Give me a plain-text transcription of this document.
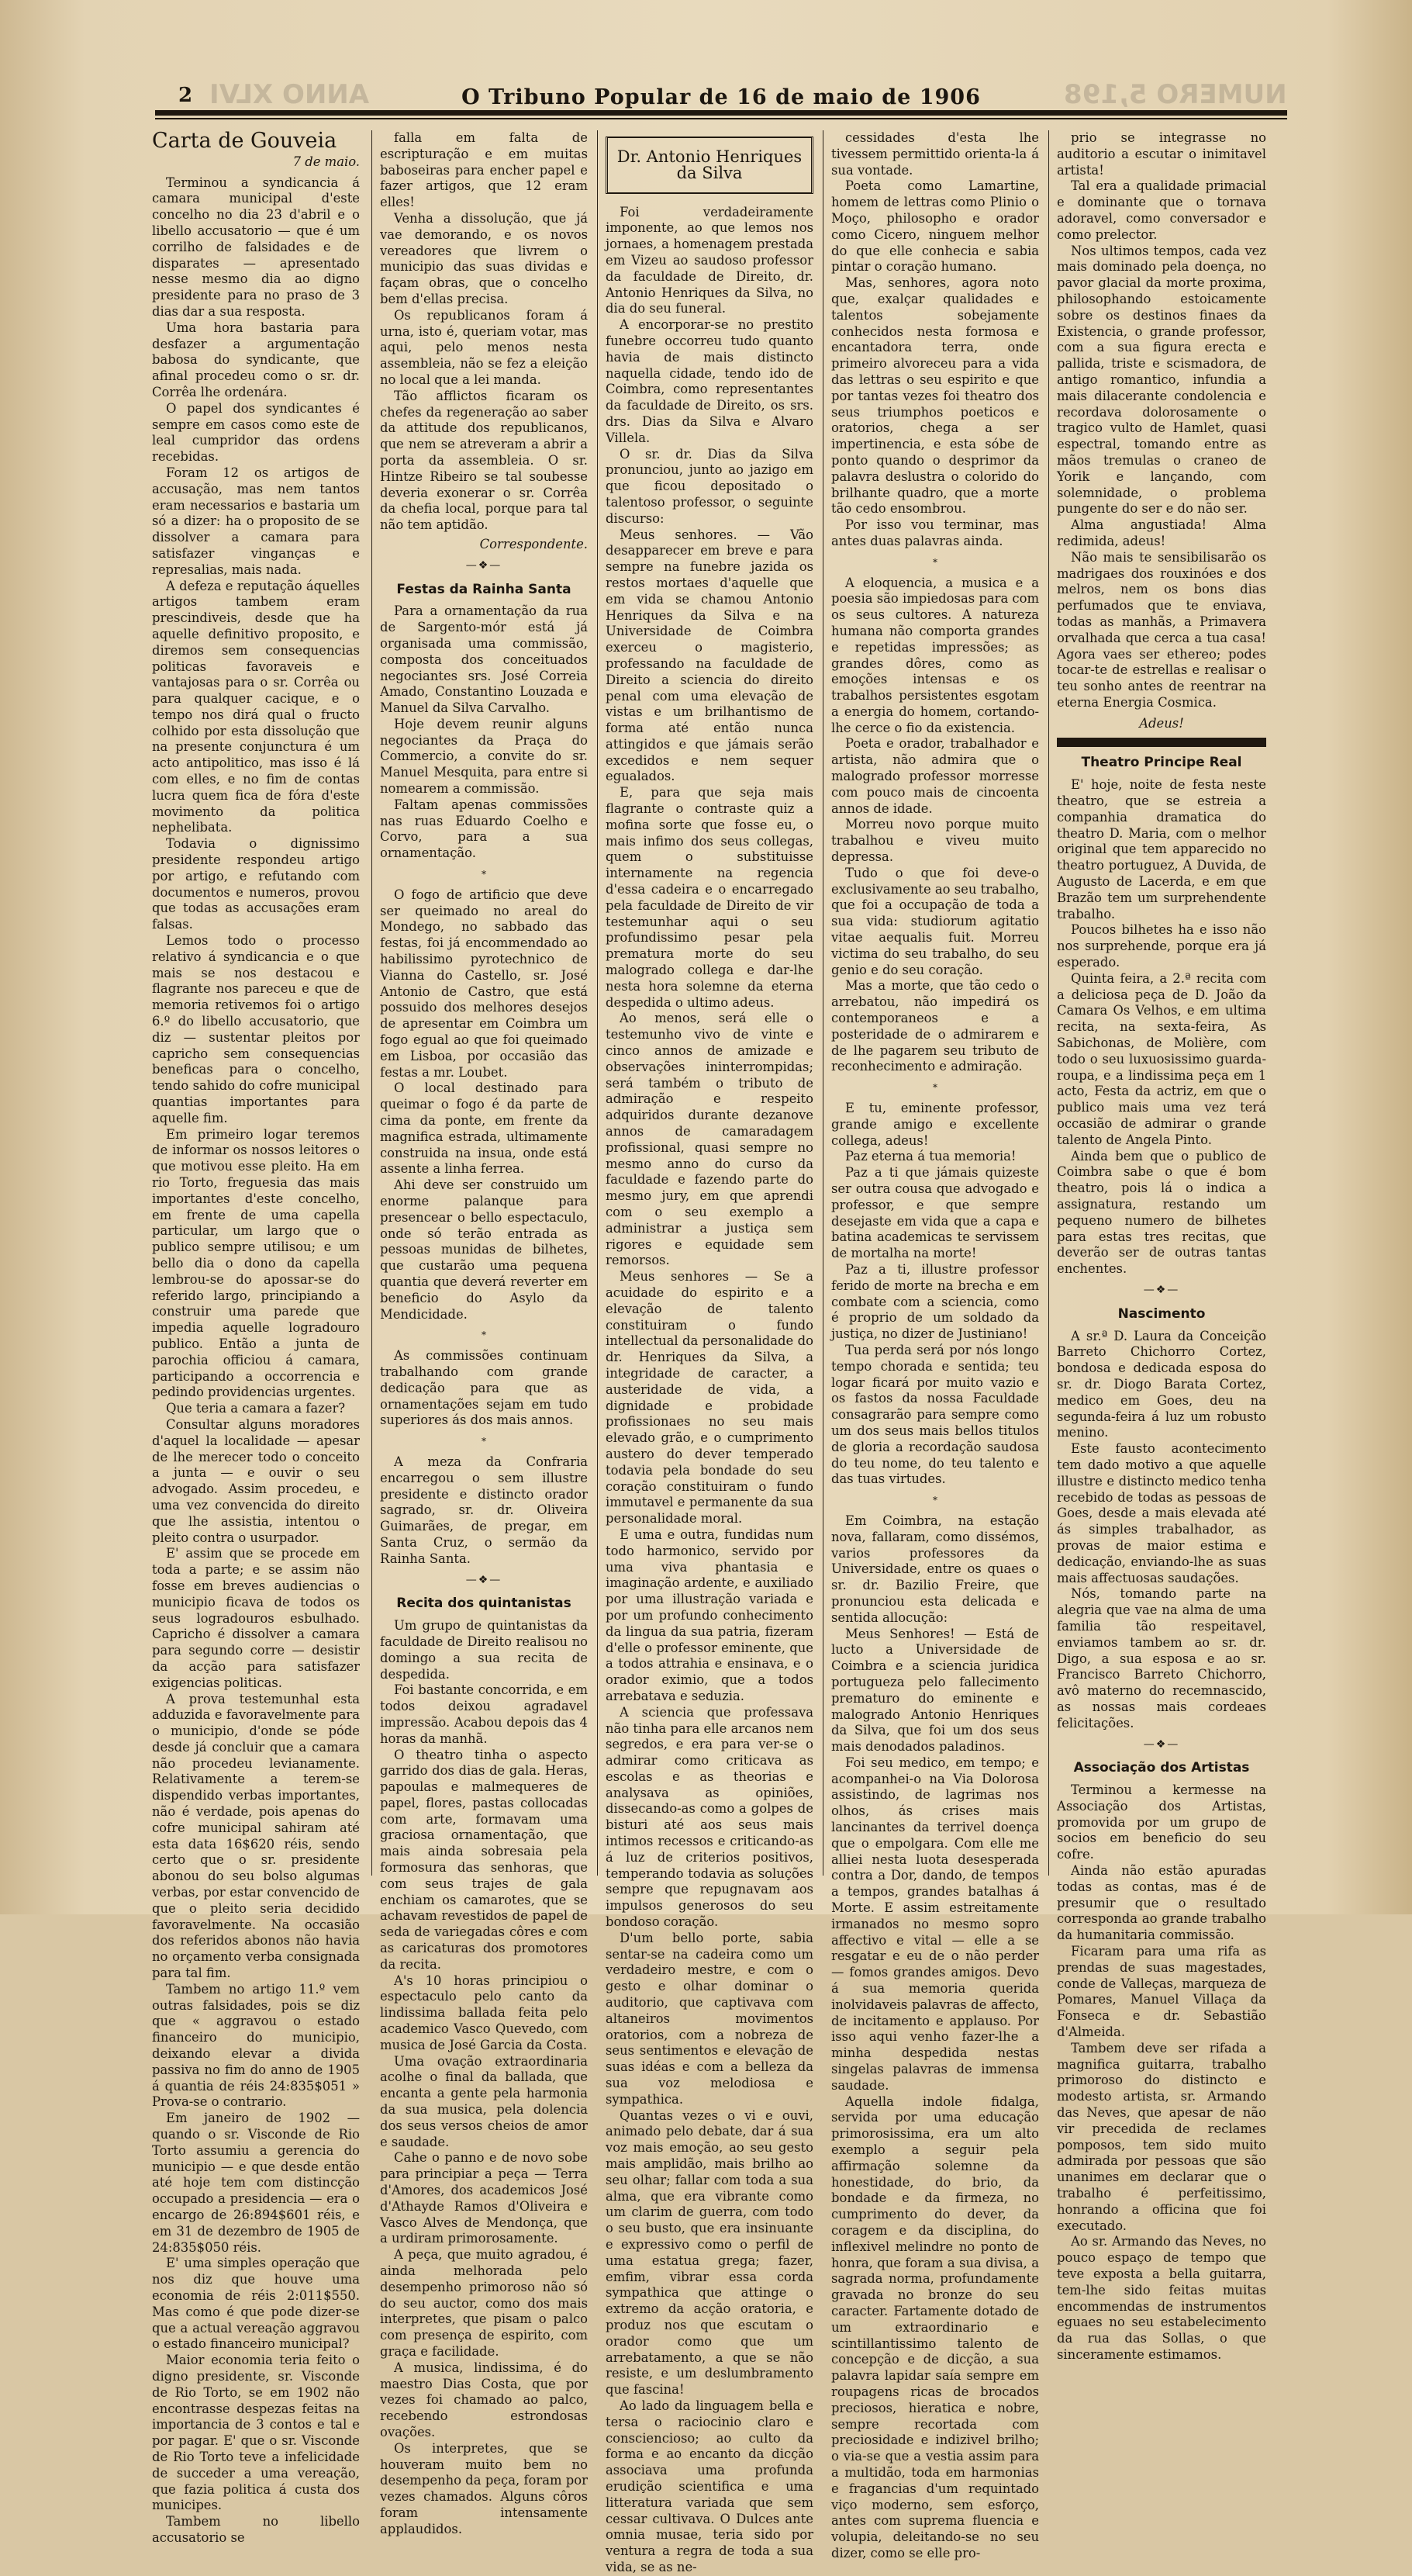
ANNO XLVI
2	O Tribuno Popular de 16 de maio de 1906	NUMERO 5,198
Carta de Gouveia
7 de maio.

Terminou a syndicancia á camara municipal d'este concelho no dia 23 d'abril e o libello accusatorio — que é um corrilho de falsidades e de disparates — apresentado nesse mesmo dia ao digno presidente para no praso de 3 dias dar a sua resposta.

Uma hora bastaria para desfazer a argumentação babosa do syndicante, que afinal procedeu como o sr. dr. Corrêa lhe ordenára.

O papel dos syndicantes é sempre em casos como este de leal cumpridor das ordens recebidas.

Foram 12 os artigos de accusação, mas nem tantos eram necessarios e bastaria um só a dizer: ha o proposito de se dissolver a camara para satisfazer vinganças e represalias, mais nada.

A defeza e reputação áquelles artigos tambem eram prescindiveis, desde que ha aquelle definitivo proposito, e diremos sem consequencias politicas favoraveis e vantajosas para o sr. Corrêa ou para qualquer cacique, e o tempo nos dirá qual o fructo colhido por esta dissolução que na presente conjunctura é um acto antipolitico, mas isso é lá com elles, e no fim de contas lucra quem fica de fóra d'este movimento da politica nephelibata.

Todavia o dignissimo presidente respondeu artigo por artigo, e refutando com documentos e numeros, provou que todas as accusações eram falsas.

Lemos todo o processo relativo á syndicancia e o que mais se nos destacou e flagrante nos pareceu e que de memoria retivemos foi o artigo 6.º do libello accusatorio, que diz — sustentar pleitos por capricho sem consequencias beneficas para o concelho, tendo sahido do cofre municipal quantias importantes para aquelle fim.

Em primeiro logar teremos de informar os nossos leitores o que motivou esse pleito. Ha em rio Torto, freguesia das mais importantes d'este concelho, em frente de uma capella particular, um largo que o publico sempre utilisou; e um bello dia o dono da capella lembrou-se do apossar-se do referido largo, principiando a construir uma parede que impedia aquelle logradouro publico. Então a junta de parochia officiou á camara, participando a occorrencia e pedindo providencias urgentes.

Que teria a camara a fazer?

Consultar alguns moradores d'aquel la localidade — apesar de lhe merecer todo o conceito a junta — e ouvir o seu advogado. Assim procedeu, e uma vez convencida do direito que lhe assistia, intentou o pleito contra o usurpador.

E' assim que se procede em toda a parte; e se assim não fosse em breves audiencias o municipio ficava de todos os seus logradouros esbulhado. Capricho é dissolver a camara para segundo corre — desistir da acção para satisfazer exigencias politicas.

A prova testemunhal esta adduzida e favoravelmente para o municipio, d'onde se póde desde já concluir que a camara não procedeu levianamente. Relativamente a terem-se dispendido verbas importantes, não é verdade, pois apenas do cofre municipal sahiram até esta data 16$620 réis, sendo certo que o sr. presidente abonou do seu bolso algumas verbas, por estar convencido de que o pleito seria decidido favoravelmente. Na occasião dos referidos abonos não havia no orçamento verba consignada para tal fim.

Tambem no artigo 11.º vem outras falsidades, pois se diz que « aggravou o estado financeiro do municipio, deixando elevar a divida passiva no fim do anno de 1905 á quantia de réis 24:835$051 » Prova-se o contrario.

Em janeiro de 1902 — quando o sr. Visconde de Rio Torto assumiu a gerencia do municipio — e que desde então até hoje tem com distincção occupado a presidencia — era o encargo de 26:894$601 réis, e em 31 de dezembro de 1905 de 24:835$050 réis.

E' uma simples operação que nos diz que houve uma economia de réis 2:011$550. Mas como é que pode dizer-se que a actual vereação aggravou o estado financeiro municipal?

Maior economia teria feito o digno presidente, sr. Visconde de Rio Torto, se em 1902 não encontrasse despezas feitas na importancia de 3 contos e tal e por pagar. E' que o sr. Visconde de Rio Torto teve a infelicidade de succeder a uma vereação, que fazia politica á custa dos municipes.

Tambem no libello accusatorio se

falla em falta de escripturação e em muitas baboseiras para encher papel e fazer artigos, que 12 eram elles!

Venha a dissolução, que já vae demorando, e os novos vereadores que livrem o municipio das suas dividas e façam obras, que o concelho bem d'ellas precisa.

Os republicanos foram á urna, isto é, queriam votar, mas aqui, pelo menos nesta assembleia, não se fez a eleição no local que a lei manda.

Tão afflictos ficaram os chefes da regeneração ao saber da attitude dos republicanos, que nem se atreveram a abrir a porta da assembleia. O sr. Hintze Ribeiro se tal soubesse deveria exonerar o sr. Corrêa da chefia local, porque para tal não tem aptidão.

Correspondente.
—❖—
Festas da Rainha Santa

Para a ornamentação da rua de Sargento-mór está já organisada uma commissão, composta dos conceituados negociantes srs. José Correia Amado, Constantino Louzada e Manuel da Silva Carvalho.

Hoje devem reunir alguns negociantes da Praça do Commercio, a convite do sr. Manuel Mesquita, para entre si nomearem a commissão.

Faltam apenas commissões nas ruas Eduardo Coelho e Corvo, para a sua ornamentação.

*

O fogo de artificio que deve ser queimado no areal do Mondego, no sabbado das festas, foi já encommendado ao habilissimo pyrotechnico de Vianna do Castello, sr. José Antonio de Castro, que está possuido dos melhores desejos de apresentar em Coimbra um fogo egual ao que foi queimado em Lisboa, por occasião das festas a mr. Loubet.

O local destinado para queimar o fogo é da parte de cima da ponte, em frente da magnifica estrada, ultimamente construida na insua, onde está assente a linha ferrea.

Ahi deve ser construido um enorme palanque para presencear o bello espectaculo, onde só terão entrada as pessoas munidas de bilhetes, que custarão uma pequena quantia que deverá reverter em beneficio do Asylo da Mendicidade.

*

As commissões continuam trabalhando com grande dedicação para que as ornamentações sejam em tudo superiores ás dos mais annos.

*

A meza da Confraria encarregou o sem illustre presidente e distincto orador sagrado, sr. dr. Oliveira Guimarães, de pregar, em Santa Cruz, o sermão da Rainha Santa.

—❖—
Recita dos quintanistas

Um grupo de quintanistas da faculdade de Direito realisou no domingo a sua recita de despedida.

Foi bastante concorrida, e em todos deixou agradavel impressão. Acabou depois das 4 horas da manhã.

O theatro tinha o aspecto garrido dos dias de gala. Heras, papoulas e malmequeres de papel, flores, pastas collocadas com arte, formavam uma graciosa ornamentação, que mais ainda sobresaia pela formosura das senhoras, que com seus trajes de gala enchiam os camarotes, que se achavam revestidos de papel de seda de variegadas côres e com as caricaturas dos promotores da recita.

A's 10 horas principiou o espectaculo pelo canto da lindissima ballada feita pelo academico Vasco Quevedo, com musica de José Garcia da Costa.

Uma ovação extraordinaria acolhe o final da ballada, que encanta a gente pela harmonia da sua musica, pela dolencia dos seus versos cheios de amor e saudade.

Cahe o panno e de novo sobe para principiar a peça — Terra d'Amores, dos academicos José d'Athayde Ramos d'Oliveira e Vasco Alves de Mendonça, que a urdiram primorosamente.

A peça, que muito agradou, é ainda melhorada pelo desempenho primoroso não só do seu auctor, como dos mais interpretes, que pisam o palco com presença de espirito, com graça e facilidade.

A musica, lindissima, é do maestro Dias Costa, que por vezes foi chamado ao palco, recebendo estrondosas ovações.

Os interpretes, que se houveram muito bem no desempenho da peça, foram por vezes chamados. Alguns côros foram intensamente applaudidos.

Dr. Antonio Henriques da Silva

Foi verdadeiramente imponente, ao que lemos nos jornaes, a homenagem prestada em Vizeu ao saudoso professor da faculdade de Direito, dr. Antonio Henriques da Silva, no dia do seu funeral.

A encorporar-se no prestito funebre occorreu tudo quanto havia de mais distincto naquella cidade, tendo ido de Coimbra, como representantes da faculdade de Direito, os srs. drs. Dias da Silva e Alvaro Villela.

O sr. dr. Dias da Silva pronunciou, junto ao jazigo em que ficou depositado o talentoso professor, o seguinte discurso:

Meus senhores. — Vão desapparecer em breve e para sempre na funebre jazida os restos mortaes d'aquelle que em vida se chamou Antonio Henriques da Silva e na Universidade de Coimbra exerceu o magisterio, professando na faculdade de Direito a sciencia do direito penal com uma elevação de vistas e um brilhantismo de forma até então nunca attingidos e que jámais serão excedidos e nem sequer egualados.

E, para que seja mais flagrante o contraste quiz a mofina sorte que fosse eu, o mais infimo dos seus collegas, quem o substituisse internamente na regencia d'essa cadeira e o encarregado pela faculdade de Direito de vir testemunhar aqui o seu profundissimo pesar pela prematura morte do seu malogrado collega e dar-lhe nesta hora solemne da eterna despedida o ultimo adeus.

Ao menos, será elle o testemunho vivo de vinte e cinco annos de amizade e observações ininterrompidas; será também o tributo de admiração e respeito adquiridos durante dezanove annos de camaradagem profissional, quasi sempre no mesmo anno do curso da faculdade e fazendo parte do mesmo jury, em que aprendi com o seu exemplo a administrar a justiça sem rigores e equidade sem remorsos.

Meus senhores — Se a acuidade do espirito e a elevação de talento constituiram o fundo intellectual da personalidade do dr. Henriques da Silva, a integridade de caracter, a austeridade de vida, a dignidade e probidade profissionaes no seu mais elevado grão, e o cumprimento austero do dever temperado todavia pela bondade do seu coração constituiram o fundo immutavel e permanente da sua personalidade moral.

E uma e outra, fundidas num todo harmonico, servido por uma viva phantasia e imaginação ardente, e auxiliado por uma illustração variada e por um profundo conhecimento da lingua da sua patria, fizeram d'elle o professor eminente, que a todos attrahia e ensinava, e o orador eximio, que a todos arrebatava e seduzia.

A sciencia que professava não tinha para elle arcanos nem segredos, e era para ver-se o admirar como criticava as escolas e as theorias e analysava as opiniões, dissecando-as como a golpes de bisturi até aos seus mais intimos recessos e criticando-as á luz de criterios positivos, temperando todavia as soluções sempre que repugnavam aos impulsos generosos do seu bondoso coração.

D'um bello porte, sabia sentar-se na cadeira como um verdadeiro mestre, e com o gesto e olhar dominar o auditorio, que captivava com altaneiros movimentos oratorios, com a nobreza de seus sentimentos e elevação de suas idéas e com a belleza da sua voz melodiosa e sympathica.

Quantas vezes o vi e ouvi, animado pelo debate, dar á sua voz mais emoção, ao seu gesto mais amplidão, mais brilho ao seu olhar; fallar com toda a sua alma, que era vibrante como um clarim de guerra, com todo o seu busto, que era insinuante e expressivo como o perfil de uma estatua grega; fazer, emfim, vibrar essa corda sympathica que attinge o extremo da acção oratoria, e produz nos que escutam o orador como que um arrebatamento, a que se não resiste, e um deslumbramento que fascina!

Ao lado da linguagem bella e tersa o raciocinio claro e consciencioso; ao culto da forma e ao encanto da dicção associava uma profunda erudição scientifica e uma litteratura variada que sem cessar cultivava. O Dulces ante omnia musae, teria sido por ventura a regra de toda a sua vida, se as ne-

cessidades d'esta lhe tivessem permittido orienta-la á sua vontade.

Poeta como Lamartine, homem de lettras como Plinio o Moço, philosopho e orador como Cicero, ninguem melhor do que elle conhecia e sabia pintar o coração humano.

Mas, senhores, agora noto que, exalçar qualidades e talentos sobejamente conhecidos nesta formosa e encantadora terra, onde primeiro alvoreceu para a vida das lettras o seu espirito e que por tantas vezes foi theatro dos seus triumphos poeticos e oratorios, chega a ser impertinencia, e esta sóbe de ponto quando o desprimor da palavra deslustra o colorido do brilhante quadro, que a morte tão cedo ensombrou.

Por isso vou terminar, mas antes duas palavras ainda.

*

A eloquencia, a musica e a poesia são impiedosas para com os seus cultores. A natureza humana não comporta grandes e repetidas impressões; as grandes dôres, como as emoções intensas e os trabalhos persistentes esgotam a energia do homem, cortando-lhe cerce o fio da existencia.

Poeta e orador, trabalhador e artista, não admira que o malogrado professor morresse com pouco mais de cincoenta annos de idade.

Morreu novo porque muito trabalhou e viveu muito depressa.

Tudo o que foi deve-o exclusivamente ao seu trabalho, que foi a occupação de toda a sua vida: studiorum agitatio vitae aequalis fuit. Morreu victima do seu trabalho, do seu genio e do seu coração.

Mas a morte, que tão cedo o arrebatou, não impedirá os contemporaneos e a posteridade de o admirarem e de lhe pagarem seu tributo de reconhecimento e admiração.

*

E tu, eminente professor, grande amigo e excellente collega, adeus!

Paz eterna á tua memoria!

Paz a ti que jámais quizeste ser outra cousa que advogado e professor, e que sempre desejaste em vida que a capa e batina academicas te servissem de mortalha na morte!

Paz a ti, illustre professor ferido de morte na brecha e em combate com a sciencia, como é proprio de um soldado da justiça, no dizer de Justiniano!

Tua perda será por nós longo tempo chorada e sentida; teu logar ficará por muito vazio e os fastos da nossa Faculdade consagrarão para sempre como um dos seus mais bellos titulos de gloria a recordação saudosa do teu nome, do teu talento e das tuas virtudes.

*

Em Coimbra, na estação nova, fallaram, como dissémos, varios professores da Universidade, entre os quaes o sr. dr. Bazilio Freire, que pronunciou esta delicada e sentida allocução:

Meus Senhores! — Está de lucto a Universidade de Coimbra e a sciencia juridica portugueza pelo fallecimento prematuro do eminente e malogrado Antonio Henriques da Silva, que foi um dos seus mais denodados paladinos.

Foi seu medico, em tempo; e acompanhei-o na Via Dolorosa assistindo, de lagrimas nos olhos, ás crises mais lancinantes da terrivel doença que o empolgara. Com elle me alliei nesta luota desesperada contra a Dor, dando, de tempos a tempos, grandes batalhas á Morte. E assim estreitamente irmanados no mesmo sopro affectivo e vital — elle a se resgatar e eu de o não perder — fomos grandes amigos. Devo á sua memoria querida inolvidaveis palavras de affecto, de incitamento e applauso. Por isso aqui venho fazer-lhe a minha despedida nestas singelas palavras de immensa saudade.

Aquella indole fidalga, servida por uma educação primorosissima, era um alto exemplo a seguir pela affirmação solemne da honestidade, do brio, da bondade e da firmeza, no cumprimento do dever, da coragem e da disciplina, do inflexivel melindre no ponto de honra, que foram a sua divisa, a sagrada norma, profundamente gravada no bronze do seu caracter. Fartamente dotado de um extraordinario e scintillantissimo talento de concepção e de dicção, a sua palavra lapidar saía sempre em roupagens ricas de brocados preciosos, hieratica e nobre, sempre recortada com preciosidade e indizivel brilho; o via-se que a vestia assim para a multidão, toda em harmonias e fragancias d'um requintado viço moderno, sem esforço, antes com suprema fluencia e volupia, deleitando-se no seu dizer, como se elle pro-

prio se integrasse no auditorio a escutar o inimitavel artista!

Tal era a qualidade primacial e dominante que o tornava adoravel, como conversador e como prelector.

Nos ultimos tempos, cada vez mais dominado pela doença, no pavor glacial da morte proxima, philosophando estoicamente sobre os destinos finaes da Existencia, o grande professor, com a sua figura erecta e pallida, triste e scismadora, de antigo romantico, infundia a mais dilacerante condolencia e recordava dolorosamente o tragico vulto de Hamlet, quasi espectral, tomando entre as mãos tremulas o craneo de Yorik e lançando, com solemnidade, o problema pungente do ser e do não ser.

Alma angustiada! Alma redimida, adeus!

Não mais te sensibilisarão os madrigaes dos rouxinóes e dos melros, nem os bons dias perfumados que te enviava, todas as manhãs, a Primavera orvalhada que cerca a tua casa! Agora vaes ser ethereo; podes tocar-te de estrellas e realisar o teu sonho antes de reentrar na eterna Energia Cosmica.

Adeus!
Theatro Principe Real

E' hoje, noite de festa neste theatro, que se estreia a companhia dramatica do theatro D. Maria, com o melhor original que tem apparecido no theatro portuguez, A Duvida, de Augusto de Lacerda, e em que Brazão tem um surprehendente trabalho.

Poucos bilhetes ha e isso não nos surprehende, porque era já esperado.

Quinta feira, a 2.ª recita com a deliciosa peça de D. João da Camara Os Velhos, e em ultima recita, na sexta-feira, As Sabichonas, de Molière, com todo o seu luxuosissimo guarda-roupa, e a lindissima peça em 1 acto, Festa da actriz, em que o publico mais uma vez terá occasião de admirar o grande talento de Angela Pinto.

Ainda bem que o publico de Coimbra sabe o que é bom theatro, pois lá o indica a assignatura, restando um pequeno numero de bilhetes para estas tres recitas, que deverão ser de outras tantas enchentes.

—❖—
Nascimento

A sr.ª D. Laura da Conceição Barreto Chichorro Cortez, bondosa e dedicada esposa do sr. dr. Diogo Barata Cortez, medico em Goes, deu na segunda-feira á luz um robusto menino.

Este fausto acontecimento tem dado motivo a que aquelle illustre e distincto medico tenha recebido de todas as pessoas de Goes, desde a mais elevada até ás simples trabalhador, as provas de maior estima e dedicação, enviando-lhe as suas mais affectuosas saudações.

Nós, tomando parte na alegria que vae na alma de uma familia tão respeitavel, enviamos tambem ao sr. dr. Digo, a sua esposa e ao sr. Francisco Barreto Chichorro, avô materno do recemnascido, as nossas mais cordeaes felicitações.

—❖—
Associação dos Artistas

Terminou a kermesse na Associação dos Artistas, promovida por um grupo de socios em beneficio do seu cofre.

Ainda não estão apuradas todas as contas, mas é de presumir que o resultado corresponda ao grande trabalho da humanitaria commissão.

Ficaram para uma rifa as prendas de suas magestades, conde de Valleças, marqueza de Pomares, Manuel Villaça da Fonseca e dr. Sebastião d'Almeida.

Tambem deve ser rifada a magnifica guitarra, trabalho primoroso do distincto e modesto artista, sr. Armando das Neves, que apesar de não vir precedida de reclames pomposos, tem sido muito admirada por pessoas que são unanimes em declarar que o trabalho é perfeitissimo, honrando a officina que foi executado.

Ao sr. Armando das Neves, no pouco espaço de tempo que teve exposta a bella guitarra, tem-lhe sido feitas muitas encommendas de instrumentos eguaes no seu estabelecimento da rua das Sollas, o que sinceramente estimamos.
